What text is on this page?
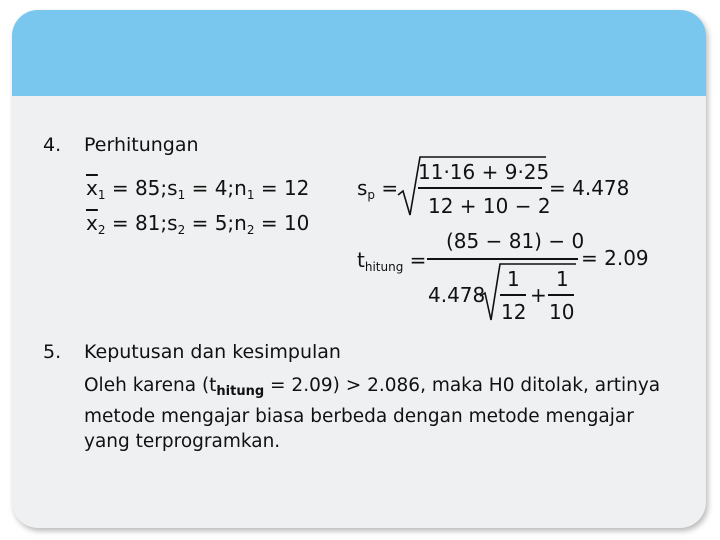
4. Perhitungan
$\overline{x}_1$ = $85;s_1$ = $4;n_1 = 12$
$\overline{x}_2$ = $81;s_2$ = $5;n_2 = 10$
$s_p$ =
11·16 + 9·25
12 + 10 − 2
= 4.478
$t_{hitung}$ =
(85 − 81) − 0
4.478
1
12
+
1
10
= 2.09
5. Keputusan dan kesimpulan
Oleh karena $(t_{hitung} = 2.09) > 2.086$, maka H0 ditolak, artinya metode mengajar biasa berbeda dengan metode mengajar yang terprogramkan.
